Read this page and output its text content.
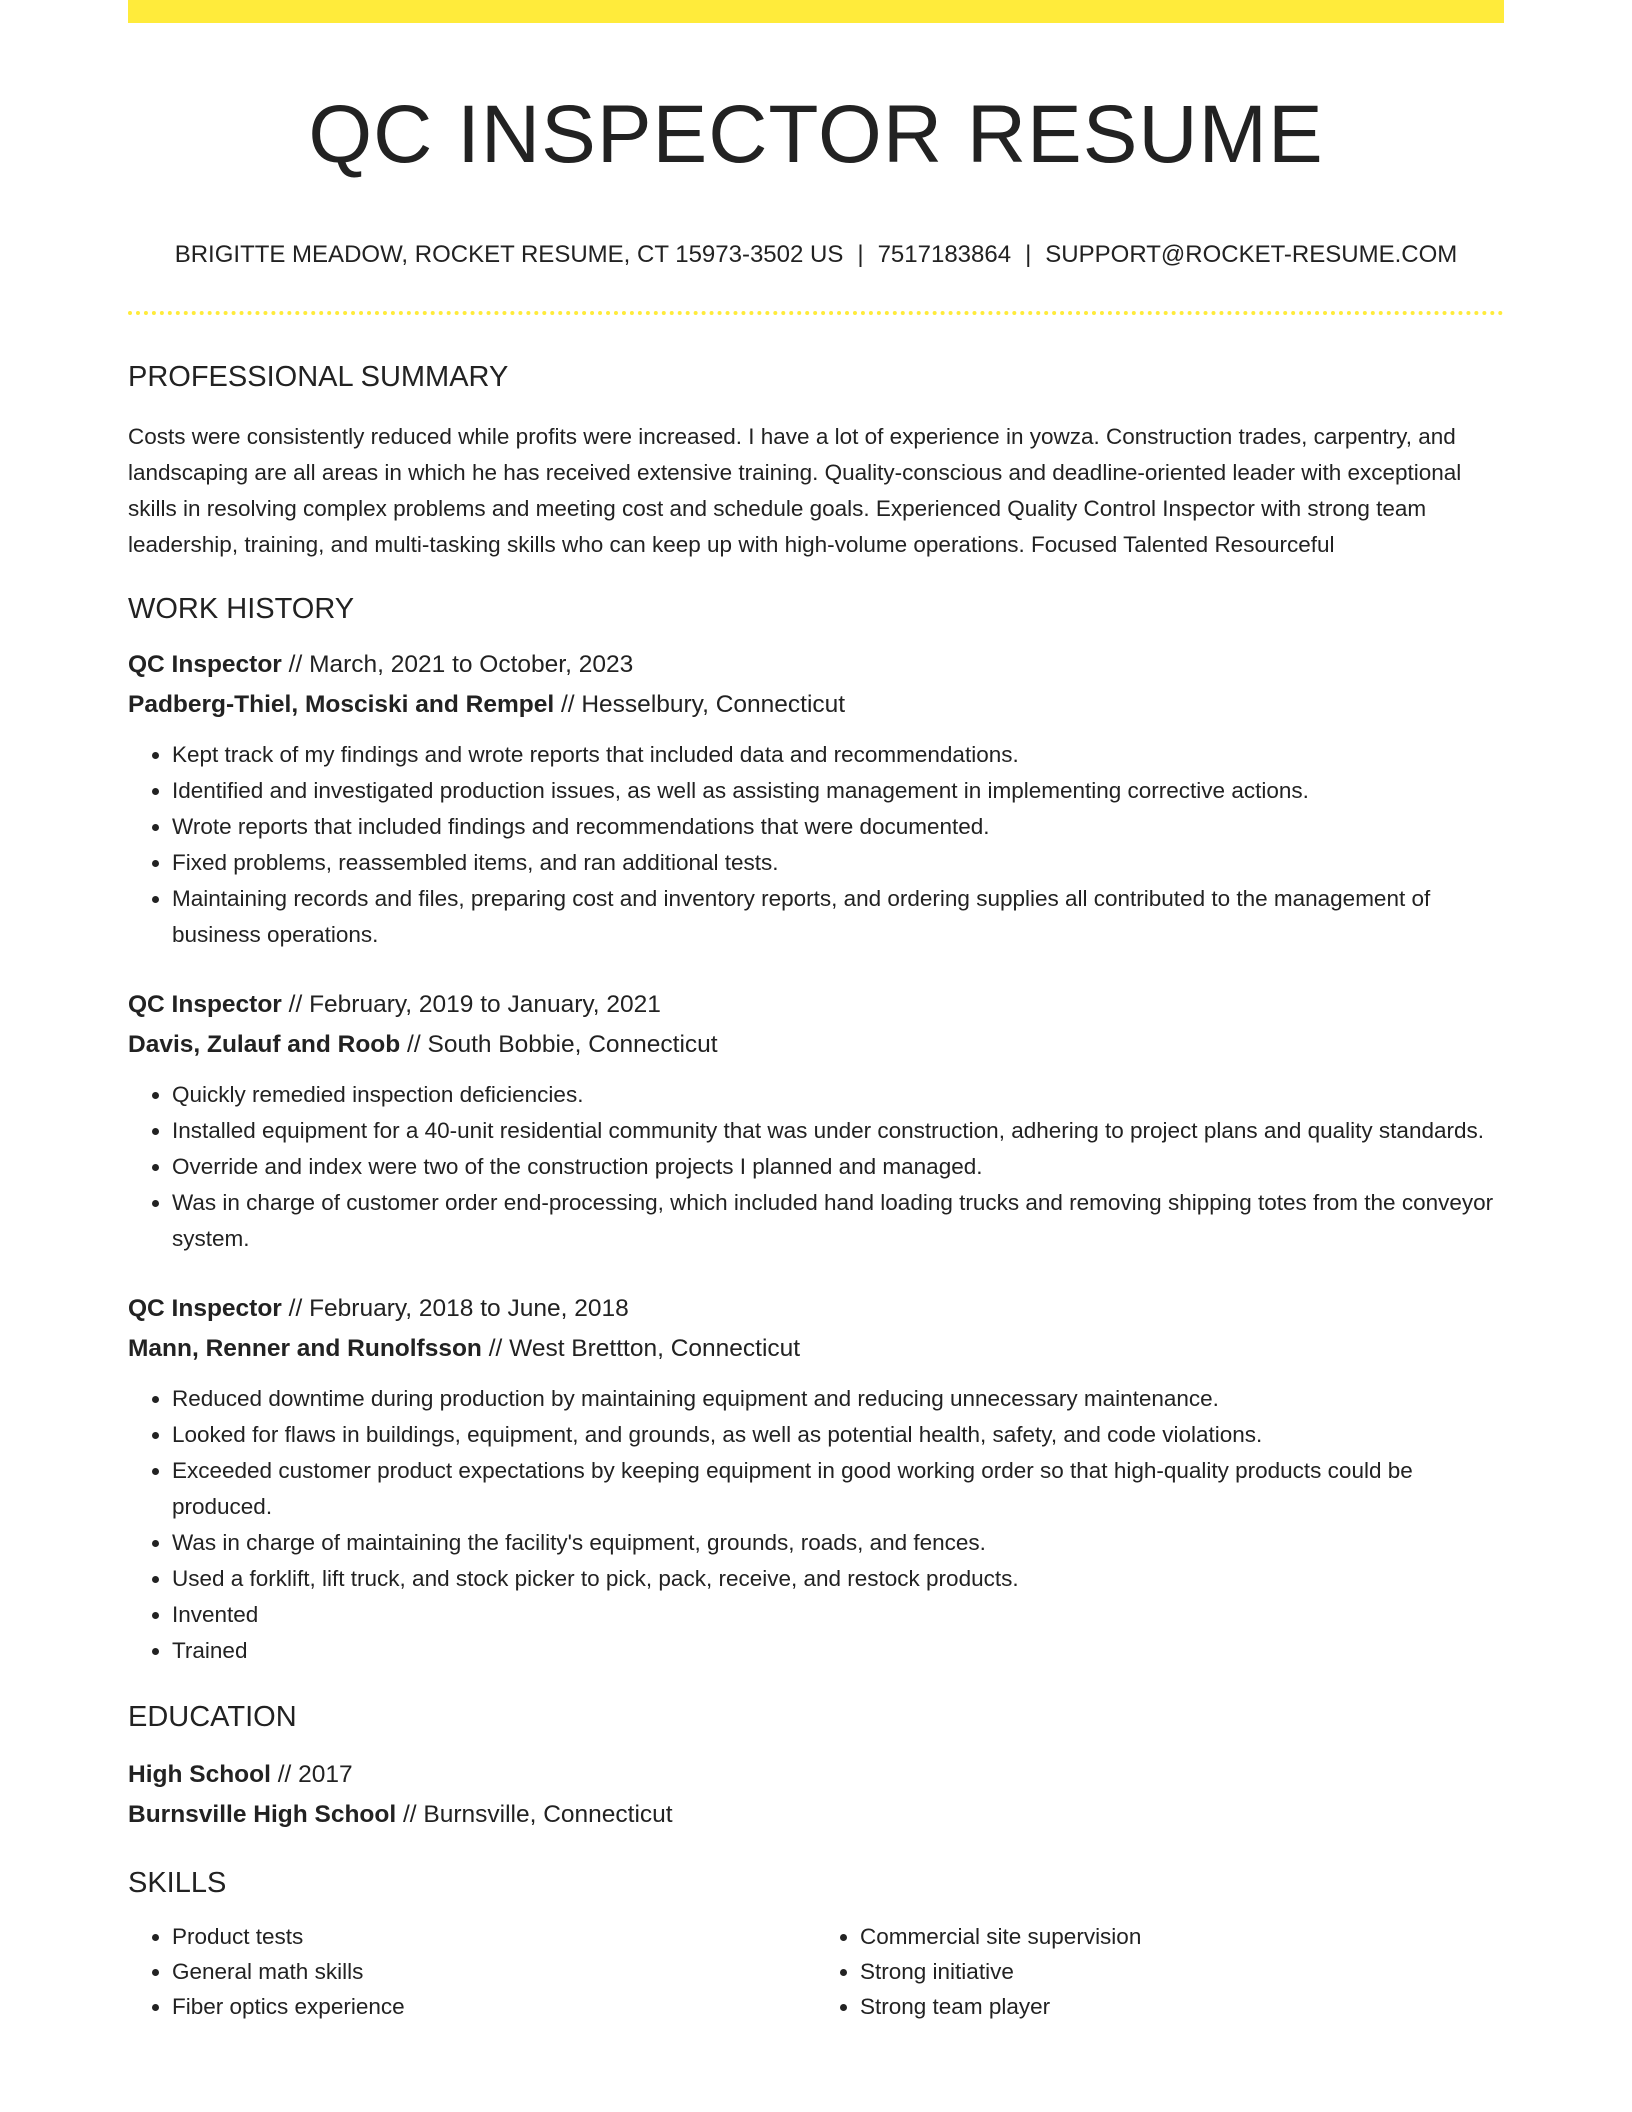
QC INSPECTOR RESUME
BRIGITTE MEADOW, ROCKET RESUME, CT 15973-3502 US | 7517183864 | SUPPORT@ROCKET-RESUME.COM
PROFESSIONAL SUMMARY
Costs were consistently reduced while profits were increased. I have a lot of experience in yowza. Construction trades, carpentry, and landscaping are all areas in which he has received extensive training. Quality-conscious and deadline-oriented leader with exceptional skills in resolving complex problems and meeting cost and schedule goals. Experienced Quality Control Inspector with strong team leadership, training, and multi-tasking skills who can keep up with high-volume operations. Focused Talented Resourceful
WORK HISTORY
QC Inspector // March, 2021 to October, 2023
Padberg-Thiel, Mosciski and Rempel // Hesselbury, Connecticut
• Kept track of my findings and wrote reports that included data and recommendations.
• Identified and investigated production issues, as well as assisting management in implementing corrective actions.
• Wrote reports that included findings and recommendations that were documented.
• Fixed problems, reassembled items, and ran additional tests.
• Maintaining records and files, preparing cost and inventory reports, and ordering supplies all contributed to the management of business operations.
QC Inspector // February, 2019 to January, 2021
Davis, Zulauf and Roob // South Bobbie, Connecticut
• Quickly remedied inspection deficiencies.
• Installed equipment for a 40-unit residential community that was under construction, adhering to project plans and quality standards.
• Override and index were two of the construction projects I planned and managed.
• Was in charge of customer order end-processing, which included hand loading trucks and removing shipping totes from the conveyor system.
QC Inspector // February, 2018 to June, 2018
Mann, Renner and Runolfsson // West Brettton, Connecticut
• Reduced downtime during production by maintaining equipment and reducing unnecessary maintenance.
• Looked for flaws in buildings, equipment, and grounds, as well as potential health, safety, and code violations.
• Exceeded customer product expectations by keeping equipment in good working order so that high-quality products could be produced.
• Was in charge of maintaining the facility's equipment, grounds, roads, and fences.
• Used a forklift, lift truck, and stock picker to pick, pack, receive, and restock products.
• Invented
• Trained
EDUCATION
High School // 2017
Burnsville High School // Burnsville, Connecticut
SKILLS
• Product tests
• General math skills
• Fiber optics experience
• Commercial site supervision
• Strong initiative
• Strong team player
